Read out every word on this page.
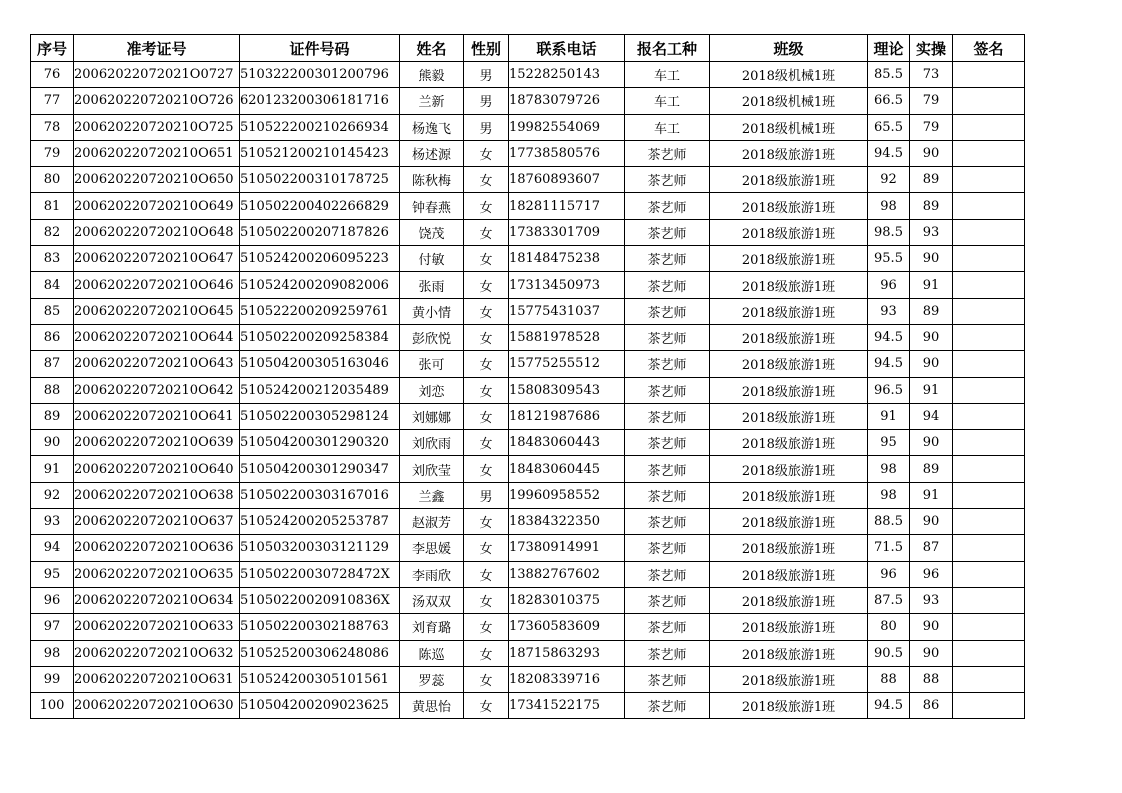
序号	准考证号	证件号码	姓名	性别	联系电话	报名工种	班级	理论	实操	签名
76	20062022072021O0727	510322200301200796	熊毅	男	15228250143	车工	2018级机械1班	85.5	73	
77	200620220720210O726	620123200306181716	兰新	男	18783079726	车工	2018级机械1班	66.5	79	
78	200620220720210O725	510522200210266934	杨逸飞	男	19982554069	车工	2018级机械1班	65.5	79	
79	200620220720210O651	510521200210145423	杨述源	女	17738580576	茶艺师	2018级旅游1班	94.5	90	
80	200620220720210O650	510502200310178725	陈秋梅	女	18760893607	茶艺师	2018级旅游1班	92	89	
81	200620220720210O649	510502200402266829	钟春燕	女	18281115717	茶艺师	2018级旅游1班	98	89	
82	200620220720210O648	510502200207187826	饶茂	女	17383301709	茶艺师	2018级旅游1班	98.5	93	
83	200620220720210O647	510524200206095223	付敏	女	18148475238	茶艺师	2018级旅游1班	95.5	90	
84	200620220720210O646	510524200209082006	张雨	女	17313450973	茶艺师	2018级旅游1班	96	91	
85	200620220720210O645	510522200209259761	黄小情	女	15775431037	茶艺师	2018级旅游1班	93	89	
86	200620220720210O644	510502200209258384	彭欣悦	女	15881978528	茶艺师	2018级旅游1班	94.5	90	
87	200620220720210O643	510504200305163046	张可	女	15775255512	茶艺师	2018级旅游1班	94.5	90	
88	200620220720210O642	510524200212035489	刘恋	女	15808309543	茶艺师	2018级旅游1班	96.5	91	
89	200620220720210O641	510502200305298124	刘娜娜	女	18121987686	茶艺师	2018级旅游1班	91	94	
90	200620220720210O639	510504200301290320	刘欣雨	女	18483060443	茶艺师	2018级旅游1班	95	90	
91	200620220720210O640	510504200301290347	刘欣莹	女	18483060445	茶艺师	2018级旅游1班	98	89	
92	200620220720210O638	510502200303167016	兰鑫	男	19960958552	茶艺师	2018级旅游1班	98	91	
93	200620220720210O637	510524200205253787	赵淑芳	女	18384322350	茶艺师	2018级旅游1班	88.5	90	
94	200620220720210O636	510503200303121129	李思媛	女	17380914991	茶艺师	2018级旅游1班	71.5	87	
95	200620220720210O635	51050220030728472X	李雨欣	女	13882767602	茶艺师	2018级旅游1班	96	96	
96	200620220720210O634	51050220020910836X	汤双双	女	18283010375	茶艺师	2018级旅游1班	87.5	93	
97	200620220720210O633	510502200302188763	刘育璐	女	17360583609	茶艺师	2018级旅游1班	80	90	
98	200620220720210O632	510525200306248086	陈巡	女	18715863293	茶艺师	2018级旅游1班	90.5	90	
99	200620220720210O631	510524200305101561	罗蕊	女	18208339716	茶艺师	2018级旅游1班	88	88	
100	200620220720210O630	510504200209023625	黄思怡	女	17341522175	茶艺师	2018级旅游1班	94.5	86	
